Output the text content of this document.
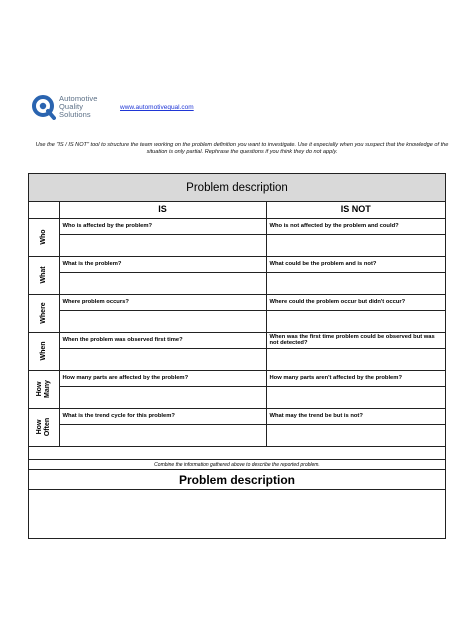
Automotive
Quality
Solutions
www.automotivequal.com
Use the "IS / IS NOT" tool to structure the team working on the problem definition you want to investigate. Use it especially when you suspect that the knowledge of the situation is only partial. Rephrase the questions if you think they do not apply.
Problem description
	IS	IS NOT

Who	Who is affected by the problem?	Who is not affected by the problem and could?

What	What is the problem?	What could be the problem and is not?

Where	Where problem occurs?	Where could the problem occur but didn't occur?

When	When the problem was observed first time?	When was the first time problem could be observed but was not detected?

How
Many	How many parts are affected by the problem?	How many parts aren't affected by the problem?

How
Often	What is the trend cycle for this problem?	What may the trend be but is not?

Combine the information gathered above to describe the reported problem.
Problem description
